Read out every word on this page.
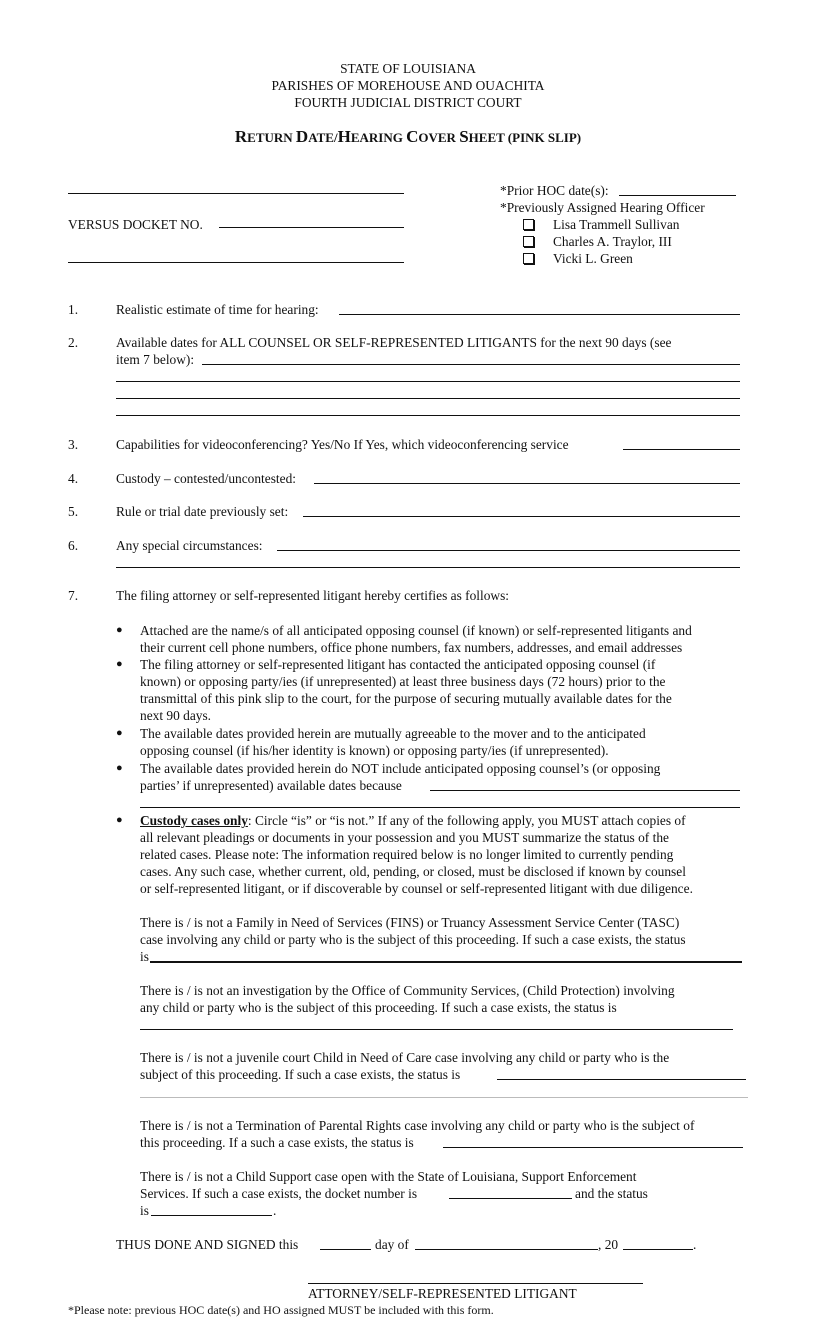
STATE OF LOUISIANA
PARISHES OF MOREHOUSE AND OUACHITA
FOURTH JUDICIAL DISTRICT COURT
RETURN DATE/HEARING COVER SHEET (PINK SLIP)
VERSUS DOCKET NO.
*Prior HOC date(s):
*Previously Assigned Hearing Officer
Lisa Trammell Sullivan
Charles A. Traylor, III
Vicki L. Green
1.	Realistic estimate of time for hearing:
2.	Available dates for ALL COUNSEL OR SELF-REPRESENTED LITIGANTS for the next 90 days (see
item 7 below):
3.	Capabilities for videoconferencing? Yes/No If Yes, which videoconferencing service
4.	Custody – contested/uncontested:
5.	Rule or trial date previously set:
6.	Any special circumstances:
7.	The filing attorney or self-represented litigant hereby certifies as follows:
● Attached are the name/s of all anticipated opposing counsel (if known) or self-represented litigants and
their current cell phone numbers, office phone numbers, fax numbers, addresses, and email addresses
● The filing attorney or self-represented litigant has contacted the anticipated opposing counsel (if
known) or opposing party/ies (if unrepresented) at least three business days (72 hours) prior to the
transmittal of this pink slip to the court, for the purpose of securing mutually available dates for the
next 90 days.
● The available dates provided herein are mutually agreeable to the mover and to the anticipated
opposing counsel (if his/her identity is known) or opposing party/ies (if unrepresented).
● The available dates provided herein do NOT include anticipated opposing counsel’s (or opposing
parties’ if unrepresented) available dates because
● Custody cases only: Circle “is” or “is not.” If any of the following apply, you MUST attach copies of
all relevant pleadings or documents in your possession and you MUST summarize the status of the
related cases. Please note: The information required below is no longer limited to currently pending
cases. Any such case, whether current, old, pending, or closed, must be disclosed if known by counsel
or self-represented litigant, or if discoverable by counsel or self-represented litigant with due diligence.
There is / is not a Family in Need of Services (FINS) or Truancy Assessment Service Center (TASC)
case involving any child or party who is the subject of this proceeding. If such a case exists, the status
is
There is / is not an investigation by the Office of Community Services, (Child Protection) involving
any child or party who is the subject of this proceeding. If such a case exists, the status is
There is / is not a juvenile court Child in Need of Care case involving any child or party who is the
subject of this proceeding. If such a case exists, the status is
There is / is not a Termination of Parental Rights case involving any child or party who is the subject of
this proceeding. If a such a case exists, the status is
There is / is not a Child Support case open with the State of Louisiana, Support Enforcement
Services. If such a case exists, the docket number is	and the status
is	.
THUS DONE AND SIGNED this	day of	, 20	.
ATTORNEY/SELF-REPRESENTED LITIGANT
*Please note: previous HOC date(s) and HO assigned MUST be included with this form.
